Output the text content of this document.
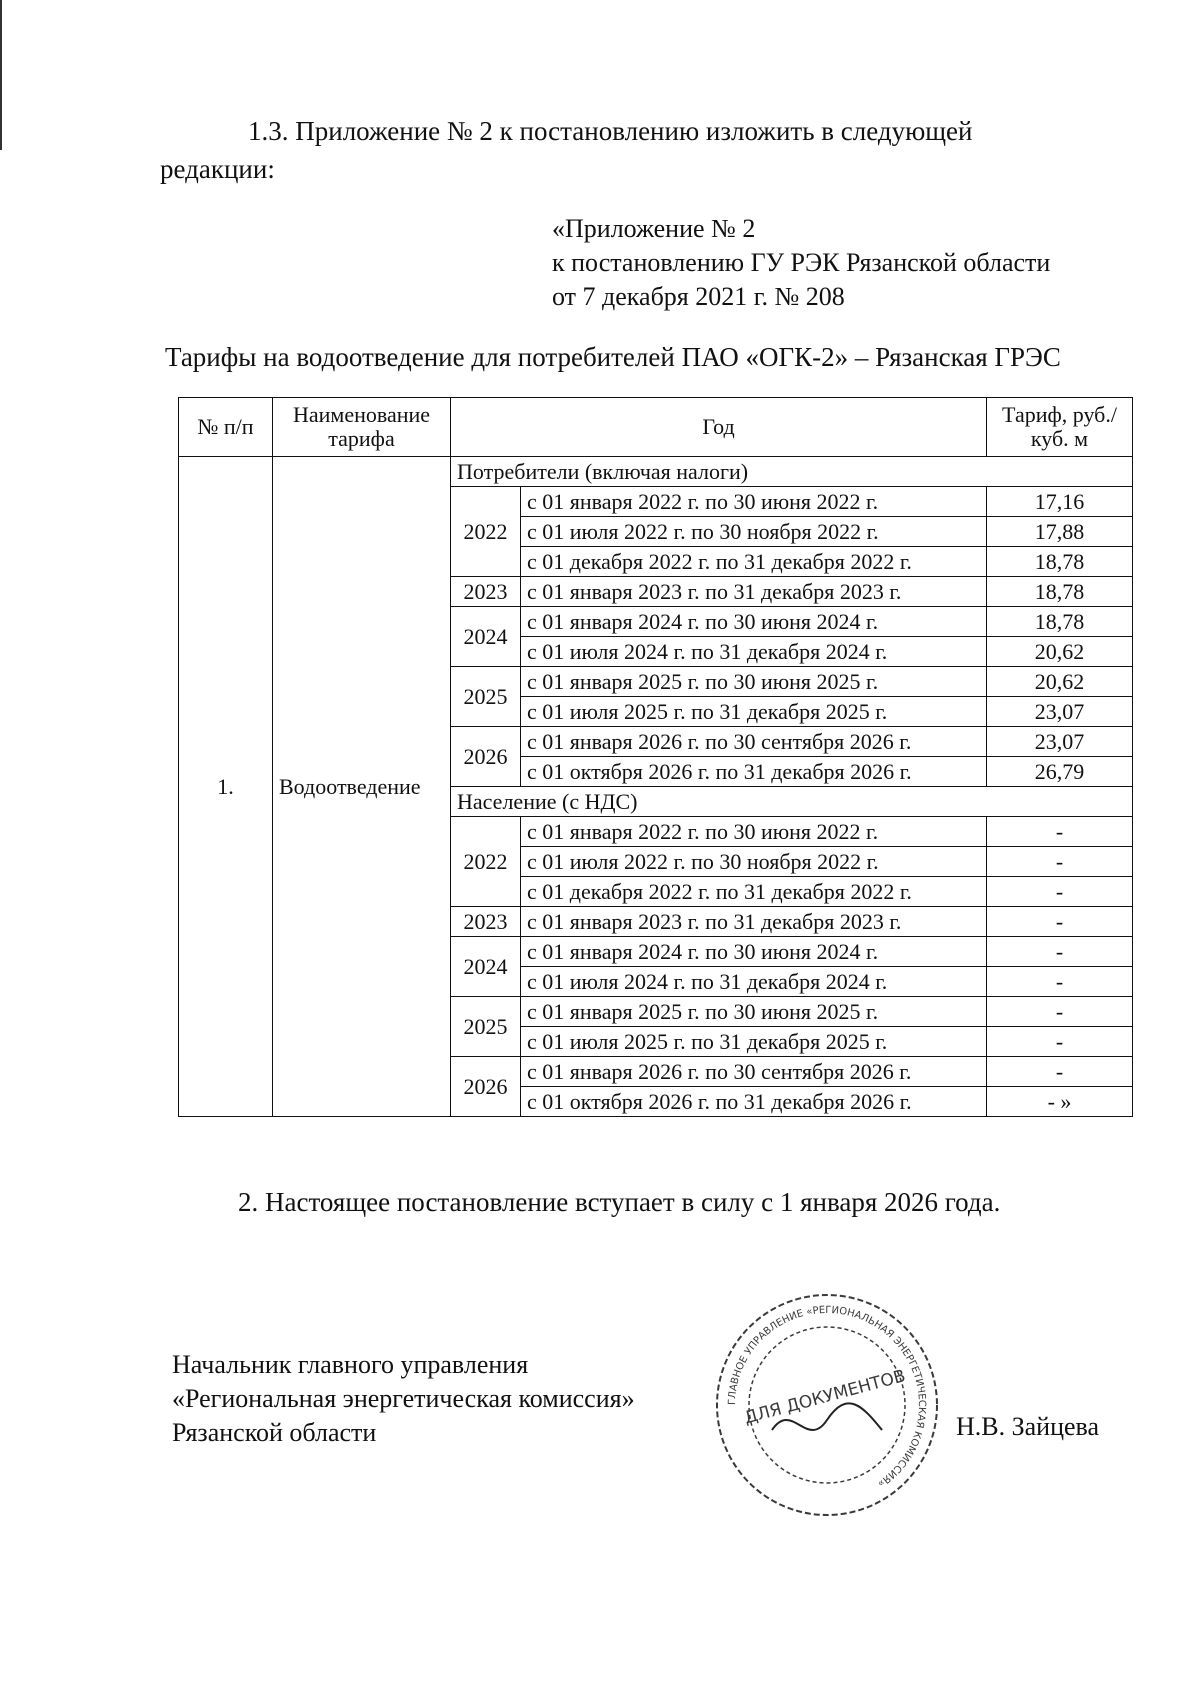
1.3. Приложение № 2 к постановлению изложить в следующей
редакции:
«Приложение № 2
к постановлению ГУ РЭК Рязанской области
от 7 декабря 2021 г. № 208
Тарифы на водоотведение для потребителей ПАО «ОГК-2» – Рязанская ГРЭС
№ п/п	Наименование тарифа	Год		Тариф, руб./куб. м
1.	Водоотведение	Потребители (включая налоги)		
		2022	с 01 января 2022 г. по 30 июня 2022 г.	17,16
			с 01 июля 2022 г. по 30 ноября 2022 г.	17,88
			с 01 декабря 2022 г. по 31 декабря 2022 г.	18,78
		2023	с 01 января 2023 г. по 31 декабря 2023 г.	18,78
		2024	с 01 января 2024 г. по 30 июня 2024 г.	18,78
			с 01 июля 2024 г. по 31 декабря 2024 г.	20,62
		2025	с 01 января 2025 г. по 30 июня 2025 г.	20,62
			с 01 июля 2025 г. по 31 декабря 2025 г.	23,07
		2026	с 01 января 2026 г. по 30 сентября 2026 г.	23,07
			с 01 октября 2026 г. по 31 декабря 2026 г.	26,79
		Население (с НДС)		
		2022	с 01 января 2022 г. по 30 июня 2022 г.	-
			с 01 июля 2022 г. по 30 ноября 2022 г.	-
			с 01 декабря 2022 г. по 31 декабря 2022 г.	-
		2023	с 01 января 2023 г. по 31 декабря 2023 г.	-
		2024	с 01 января 2024 г. по 30 июня 2024 г.	-
			с 01 июля 2024 г. по 31 декабря 2024 г.	-
		2025	с 01 января 2025 г. по 30 июня 2025 г.	-
			с 01 июля 2025 г. по 31 декабря 2025 г.	-
		2026	с 01 января 2026 г. по 30 сентября 2026 г.	-
			с 01 октября 2026 г. по 31 декабря 2026 г.	- »
2. Настоящее постановление вступает в силу с 1 января 2026 года.
Начальник главного управления
«Региональная энергетическая комиссия»
Рязанской области
ГЛАВНОЕ УПРАВЛЕНИЕ «РЕГИОНАЛЬНАЯ ЭНЕРГЕТИЧЕСКАЯ КОМИССИЯ»
ДЛЯ ДОКУМЕНТОВ Н.В. Зайцева
